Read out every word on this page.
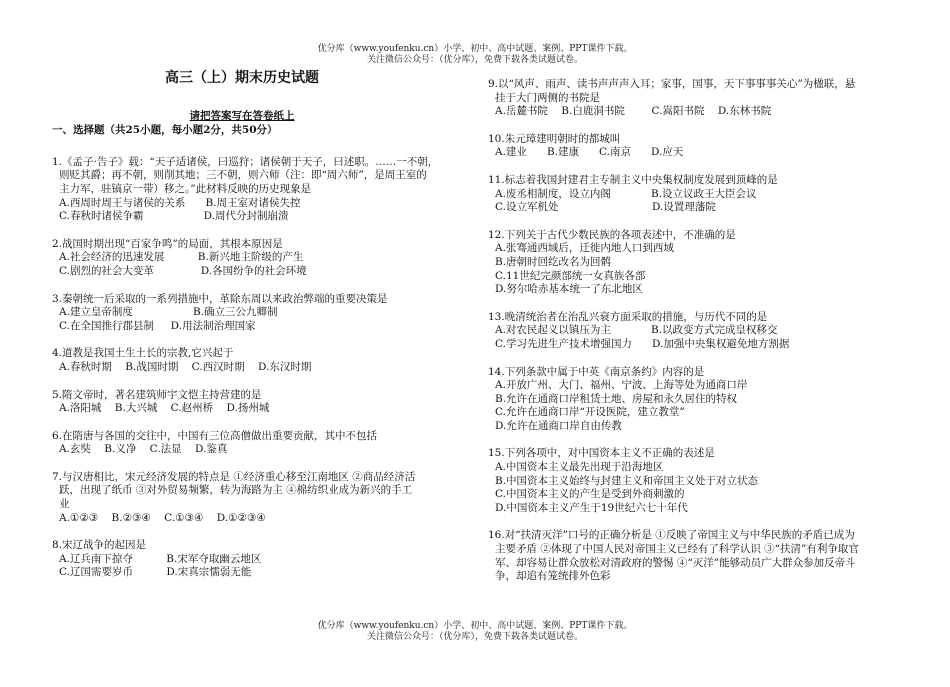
优分库（www.youfenku.cn）小学、初中、高中试题、案例、PPT课件下载。
关注微信公众号：（优分库），免费下载各类试题试卷。
高三（上）期末历史试题
请把答案写在答卷纸上
一、选择题（共25小题，每小题2分，共50分）
1.《孟子·告子》载：“天子适诸侯，曰巡狩；诸侯朝于天子，曰述职。……一不朝，
则贬其爵；再不朝，则削其地；三不朝，则六师（注：即“周六师”，是周王室的
主力军，驻镐京一带）移之。”此材料反映的历史现象是
A.西周时周王与诸侯的关系      B.周王室对诸侯失控
C.春秋时诸侯争霸                  D.周代分封制崩溃
2.战国时期出现“百家争鸣”的局面，其根本原因是
A.社会经济的迅速发展          B.新兴地主阶级的产生
C.剧烈的社会大变革              D.各国纷争的社会环境
3.秦朝统一后采取的一系列措施中，革除东周以来政治弊端的重要决策是
A.建立皇帝制度                  B.确立三公九卿制
C.在全国推行郡县制     D.用法制治理国家
4.道教是我国土生土长的宗教,它兴起于
A.春秋时期    B.战国时期    C.西汉时期    D.东汉时期
5.隋文帝时，著名建筑师宇文恺主持营建的是
A.洛阳城    B.大兴城    C.赵州桥    D.扬州城
6.在隋唐与各国的交往中，中国有三位高僧做出重要贡献，其中不包括
A.玄奘    B.义净    C.法显    D.鉴真
7.与汉唐相比，宋元经济发展的特点是 ①经济重心移至江南地区 ②商品经济活
跃，出现了纸币 ③对外贸易频繁，转为海路为主 ④棉纺织业成为新兴的手工
业
A.①②③    B.②③④    C.①③④    D.①②③④
8.宋辽战争的起因是
A.辽兵南下掠夺          B.宋军夺取幽云地区
C.辽国需要岁币          D.宋真宗懦弱无能
9.以“风声、雨声、读书声声声入耳；家事，国事，天下事事事关心”为楹联，悬
挂于大门两侧的书院是
A.岳麓书院    B.白鹿洞书院        C.嵩阳书院    D.东林书院
10.朱元璋建明朝时的都城叫
A.建业      B.建康      C.南京      D.应天
11.标志着我国封建君主专制主义中央集权制度发展到顶峰的是
A.废丞相制度，设立内阁            B.设立议政王大臣会议
C.设立军机处                            D.设置理藩院
12.下列关于古代少数民族的各项表述中，不准确的是
A.张骞通西域后，迁徙内地人口到西域
B.唐朝时回纥改名为回鹘
C.11世纪完颜部统一女真族各部
D.努尔哈赤基本统一了东北地区
13.晚清统治者在治乱兴衰方面采取的措施，与历代不同的是
A.对农民起义以镇压为主            B.以政变方式完成皇权移交
C.学习先进生产技术增强国力      D.加强中央集权避免地方割据
14.下列条款中属于中英《南京条约》内容的是
A.开放广州、大门、福州、宁波、上海等处为通商口岸
B.允许在通商口岸租赁土地、房屋和永久居住的特权
C.允许在通商口岸“开设医院，建立教堂”
D.允许在通商口岸自由传教
15.下列各项中，对中国资本主义不正确的表述是
A.中国资本主义最先出现于沿海地区
B.中国资本主义始终与封建主义和帝国主义处于对立状态
C.中国资本主义的产生是受到外商刺激的
D.中国资本主义产生于19世纪六七十年代
16.对“扶清灭洋”口号的正确分析是 ①反映了帝国主义与中华民族的矛盾已成为
主要矛盾 ②体现了中国人民对帝国主义已经有了科学认识 ③“扶清”有利争取官
军、却容易让群众放松对清政府的警惕 ④“灭洋”能够动员广大群众参加反帝斗
争，却追有笼统排外色彩
优分库（www.youfenku.cn）小学、初中、高中试题、案例、PPT课件下载。
关注微信公众号：（优分库），免费下载各类试题试卷。
